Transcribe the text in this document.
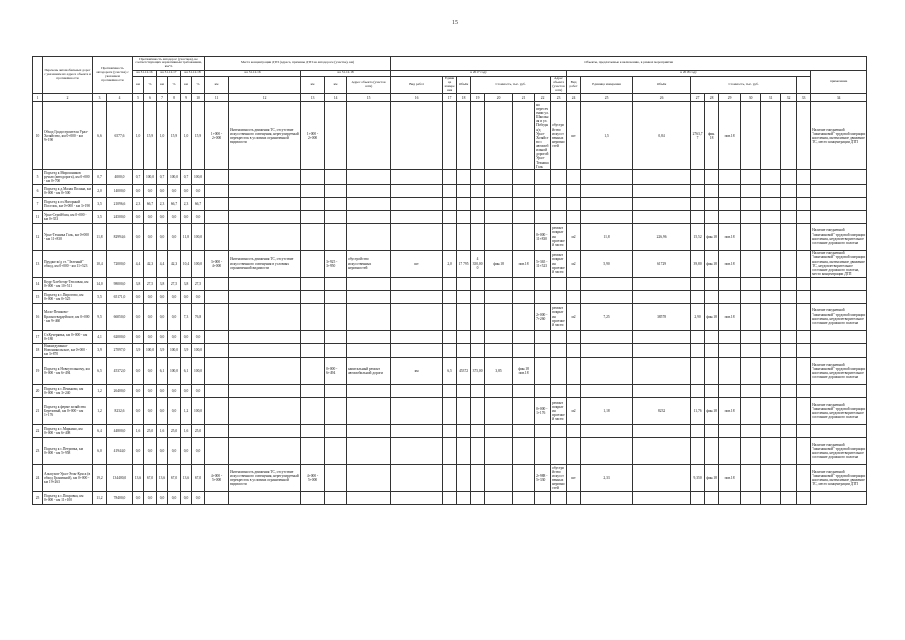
15
	Перечень автомобильных дорог с указанием их адреса объекта и протяжённости	Протяжённость автодороги (участка) с указанием протяжённости		Протяжённость автодорог (участков), не соответствующих нормативным требованиям, км/%						Места концентрации ДТП (адреса, причины ДТП на автодороге (участке), км)					Объекты, предлагаемые к включению, в рамках мероприятия																		
				на 31.12.16		на 31.12.17		на 31.12.18		на 31.12.16		на 31.12.18			в 2017 году								в 2018 году										примечание
				км	%	км	%	км	%	км		км	км	Адрес объекта (участок сети)	Вид работ	Единица измерения	Объём	Стоимость, тыс. руб.				Адрес объекта (участок сети)	Вид работ	Единица измерения	Объём	Стоимость, тыс. руб.							
1	2	3	4	5	6	7	8	9	10	11	12	13	14	15	16	17	18	19	20	21	22	23	24	25	26	27	28	29	30	31	32	33	34
10	Обход Градостроителя Урал-Хозяйство, км 0+000 - км 9+190	6,6	6577,6	1,0	15,9	1,0	15,9	1,0	15,9	1+000 - 2+000	Интенсивность движения ТС, отсутствие искусственного освещения, нерегулируемый перекресток в условиях ограниченной видимости	1+000 - 2+000									на пересечении ул. Школьная и ул. Победы а/д Урал-Хозяйство с автомобильной дорогой Урал-Техника Голь	обустройство искусственных неровностей	шт	1,5	0,84	2763,77	фин. 18	пов.18					Наличие ежедневной "маятниковой" трудовой миграции населения, интенсивное движение ТС, место концентрации ДТП
5	Подъезд к Мирошников ручью (автодорога), км 0+000 - км 0+700	0,7	4000,0	0,7	100,0	0,7	100,0	0,7	100,0																								
6	Подъезд к д.Малая Поляна, км 0+000 - км 0+500	2,0	14000,0	0,0	0,0	0,0	0,0	0,0	0,0																								
7	Подъезд к оз.Нагорный Поселок, км 0+000 - км 3+190	3,5	21096,6	2,3	66,7	2,3	66,7	2,3	66,7																								
11	Урал-Стройбаза, км 0+000 - км 0+353	3,5	24500,0	0,0	0,0	0,0	0,0	0,0	0,0																								
12	Урал-Техника Голь, км 0+000 - км 11+830	11,8	82994,6	0,0	0,0	0,0	0,0	11,8	100,0												0+000 - 11+830	ремонт покрытия проезжей части	м2	11,8	226,96	15,52	фин.18	пов.18					Наличие ежедневной "маятниковой" трудовой миграции населения, неудовлетворительное состояние дорожного полотна
13	Прудки-ж/д ст. "Зеленый" обход, км 0+000 - км 11+523	10,4	72000,0	4,4	42,3	4,4	42,3	10,4	100,0	3+000 - 4+000	Интенсивность движения ТС, отсутствие искусственного освещения в условиях ограниченной видимости		3+925 - 3+950	обустройство искусственных неровностей	шт	2,0	17 795	4 350,000	фин.18	пов.18	5+365 - 11+523	ремонт покрытия проезжей части	м2	5,90	61729	39,80	фин.18	пов.18					Наличие ежедневной "маятниковой" трудовой миграции населения, интенсивное движение ТС, неудовлетворительное состояние дорожного полотна, место концентрации ДТП
14	Кедр-Хлеботор-Тепловая, км 0+000 - км 10+511	14,0	98000,0	3,8	27,5	3,8	27,5	3,8	27,5																								
15	Подъезд к с.Пирогово, км 0+000 - км 0+525	5,5	65171,0	0,0	0,0	0,0	0,0	0,0	0,0																								
16	Мало-Пешково-Красногвардейское, км 0+000 - км 9+460	9,5	66050,0	0,0	0,0	0,0	0,0	7,3	76,8												2+000 - 7+260	ремонт покрытия проезжей части	м2	7,25	38578	2,90	фин.18	пов.18					Наличие ежедневной "маятниковой" трудовой миграции населения, неудовлетворительное состояние дорожного полотна
17	Ст.Кучерявка, км 0+000 - км 0+180	4,1	62000,0	0,0	0,0	0,0	0,0	0,0	0,0																								
18	Нижнедуванка-Новоникольское, км 0+000 - км 3+870	3,9	27097,0	3,9	100,0	3,9	100,0	3,9	100,0																								
19	Подъезд к Новоугольному, км 0+000 - км 6+494	6,5	45372,0	0,0	0,0	6,1	100,0	6,1	100,0				0+000 - 6+494	капитальный ремонт автомобильной дороги	км	6,5	45372	375,00	3,85	фин.18 пов.18													Наличие ежедневной "маятниковой" трудовой миграции населения, неудовлетворительное состояние дорожного полотна
20	Подъезд к с.Пеньково, км 0+000 - км 3+240	1,2	26400,0	0,0	0,0	0,0	0,0	0,0	0,0																								
21	Подъезд к ферме хозяйства Березовый, км 0+000 - км 1+176	1,2	8232,6	0,0	0,0	0,0	0,0	1,2	100,0												0+000 - 1+176	ремонт покрытия проезжей части	м2	1,18	8232	11,76	фин.18	пов.18					Наличие ежедневной "маятниковой" трудовой миграции населения, неудовлетворительное состояние дорожного полотна
22	Подъезд к с.Марьино, км 0+000 - км 6+408	6,4	44800,0	1,6	25,0	1,6	25,0	1,6	25,0																								
23	Подъезд к с.Петровка, км 0+000 - км 5+958	6,0	41944,0	0,0	0,0	0,0	0,0	0,0	0,0																								Наличие ежедневной "маятниковой" трудовой миграции населения, неудовлетворительное состояние дорожного полотна
24	Альпухов-Урал-Этон-Кукса (в обход Граничной), км 0+000 - км 19+263	19,2	134400,0	13,6	67,0	13,6	67,0	13,6	67,0	4+000 - 5+000	Интенсивность движения ТС, отсутствие искусственного освещения, нерегулируемый перекресток в условиях ограниченной видимости	4+000 - 5+000									2+988 - 5+330	обустройство искусственных неровностей	шт	2,33		9,350	фин.18	пов.18					Наличие ежедневной "маятниковой" трудовой миграции населения, интенсивное движение ТС, место концентрации ДТП
25	Подъезд к с.Покровка, км 0+000 - км 11+100	11,2	78400,0	0,0	0,0	0,0	0,0	0,0	0,0																								
